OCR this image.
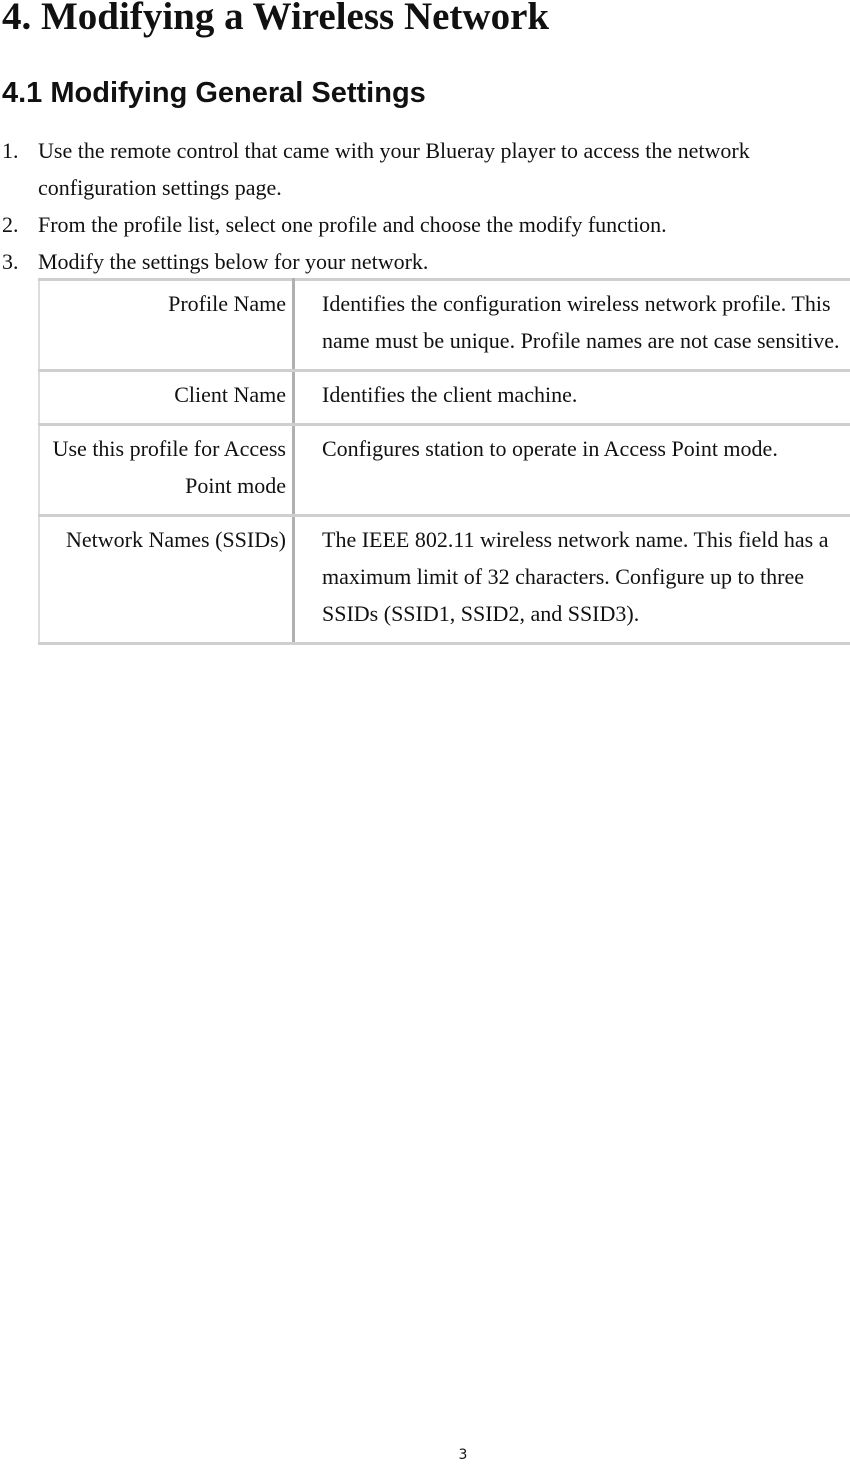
4. Modifying a Wireless Network
4.1 Modifying General Settings
1. Use the remote control that came with your Blueray player to access the network configuration settings page.
2. From the profile list, select one profile and choose the modify function.
3. Modify the settings below for your network.
Profile Name	Identifies the configuration wireless network profile. This name must be unique. Profile names are not case sensitive.
Client Name	Identifies the client machine.
Use this profile for Access Point mode	Configures station to operate in Access Point mode.
Network Names (SSIDs)	The IEEE 802.11 wireless network name. This field has a maximum limit of 32 characters. Configure up to three SSIDs (SSID1, SSID2, and SSID3).
3
